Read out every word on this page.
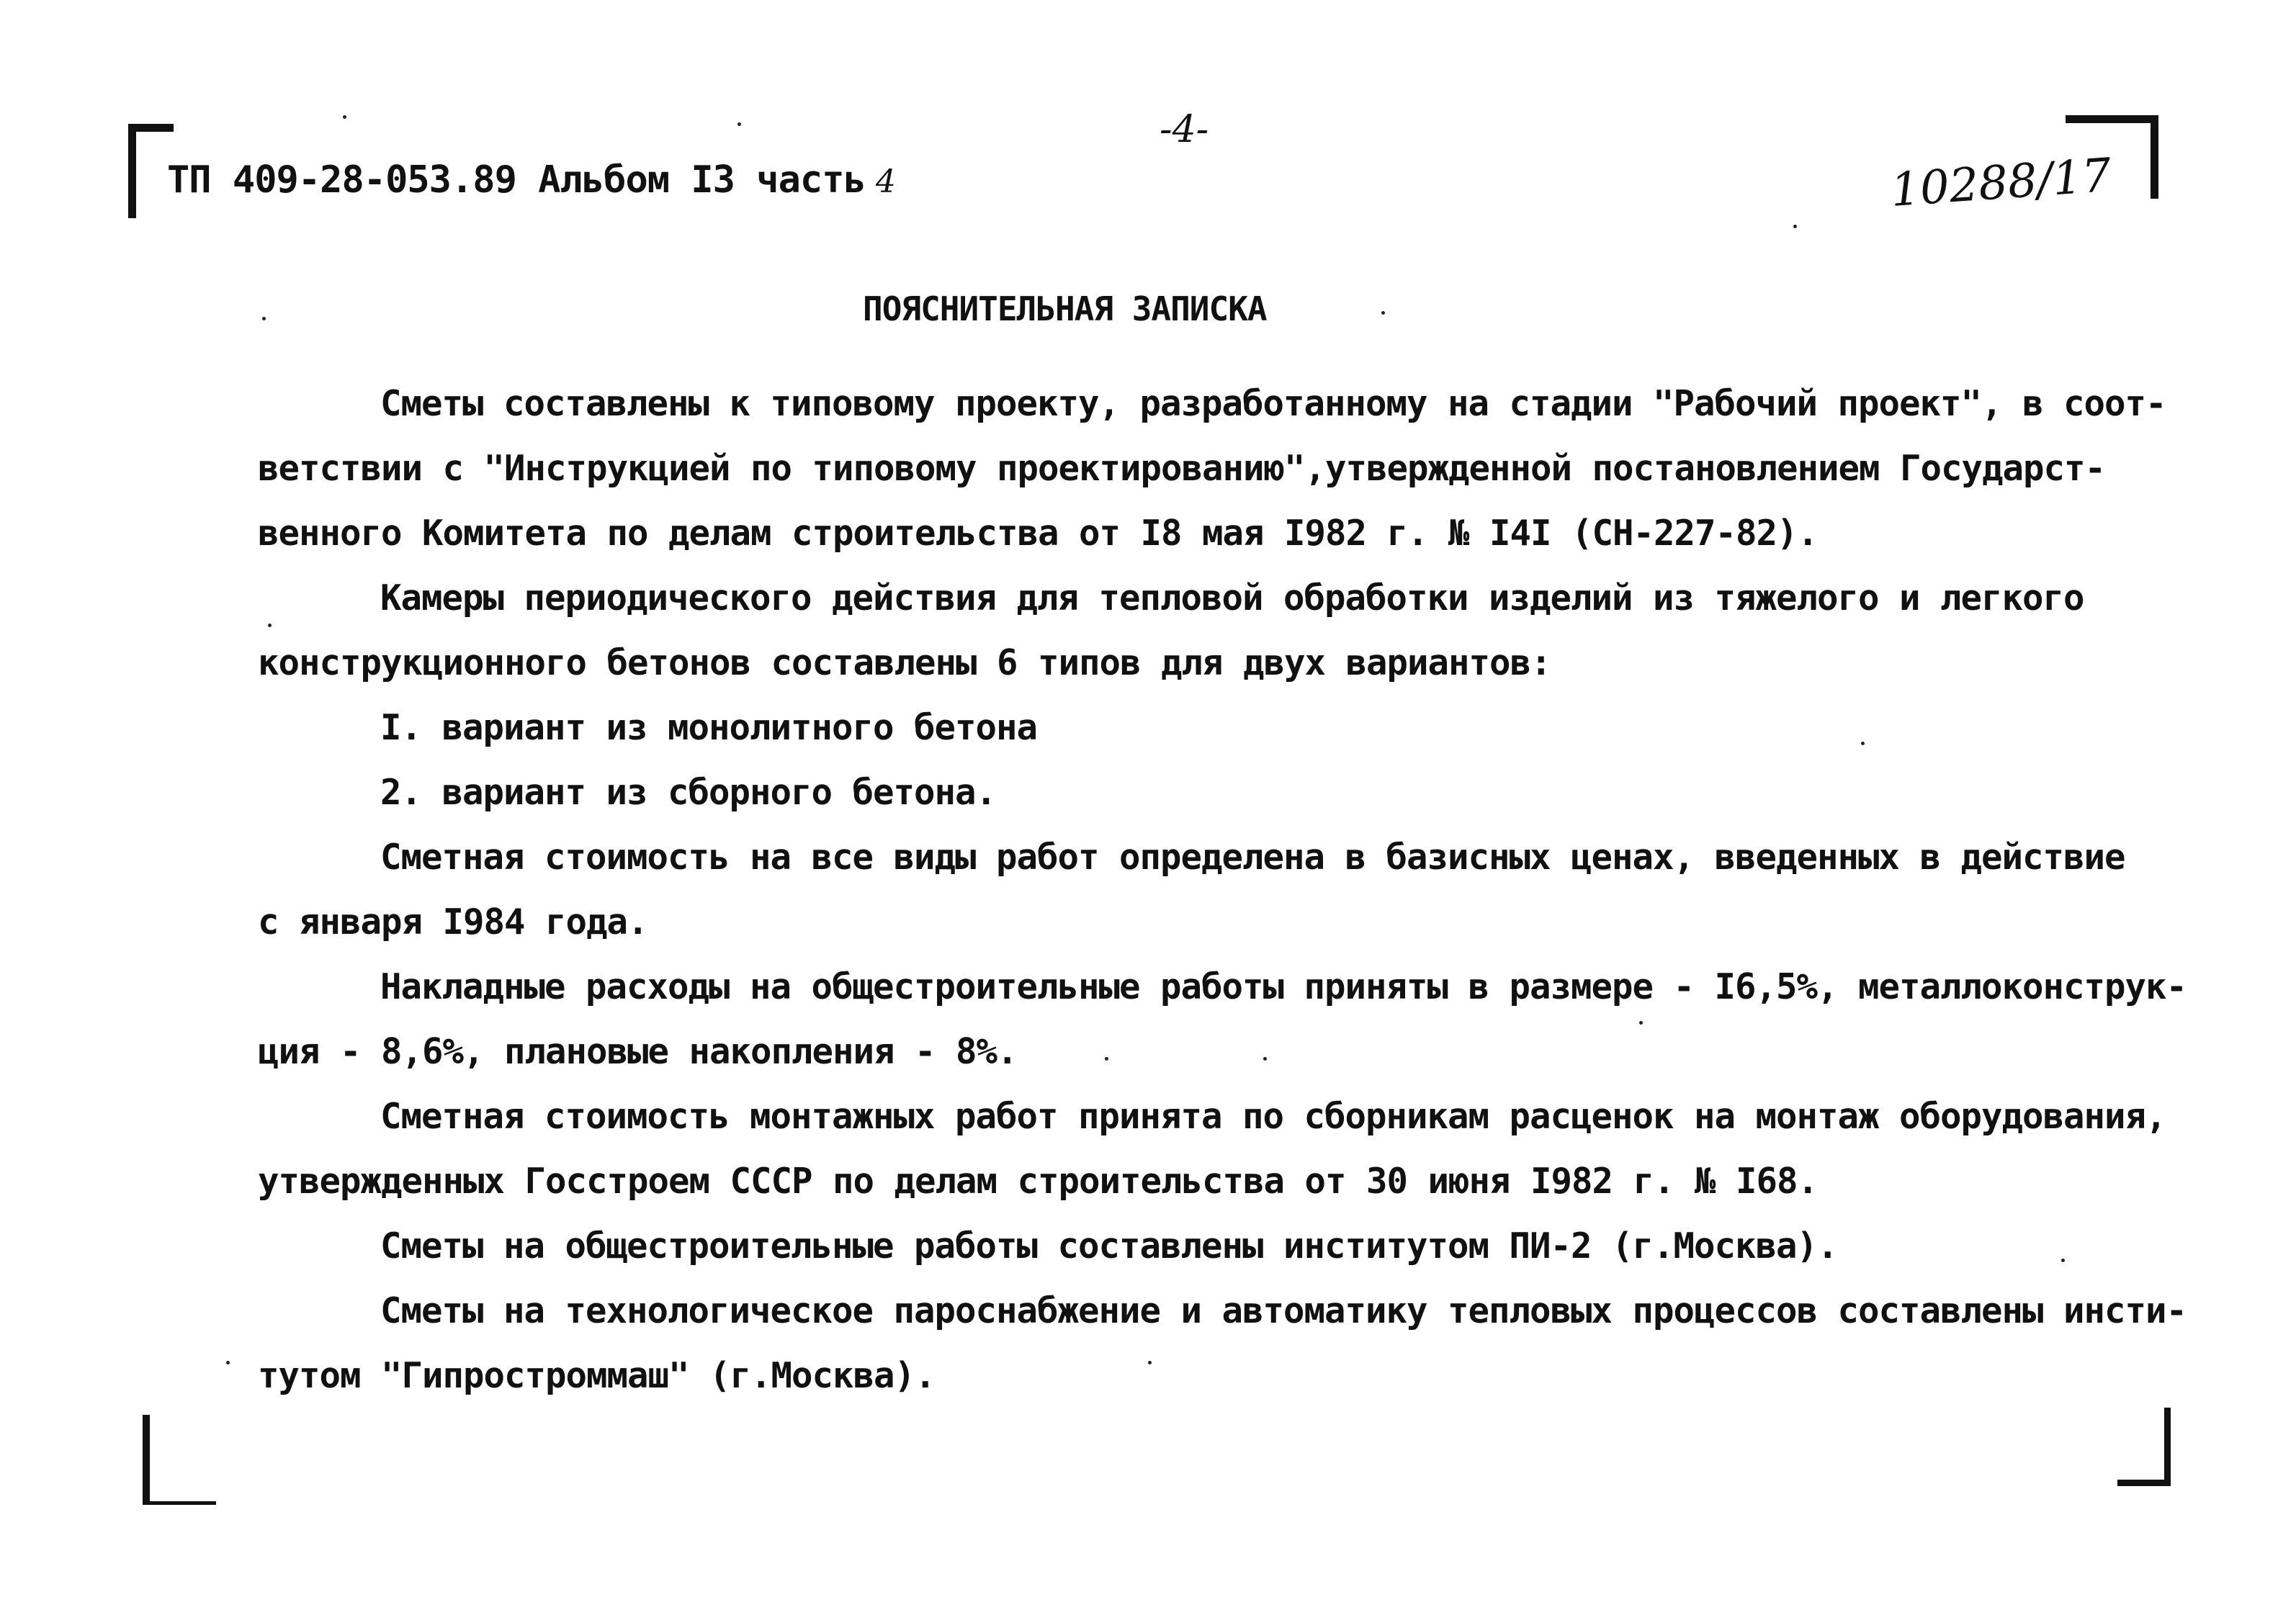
ТП 409-28-053.89 Альбом I3 часть 4
-4-
10288/17
ПОЯСНИТЕЛЬНАЯ ЗАПИСКА
Сметы составлены к типовому проекту, разработанному на стадии "Рабочий проект", в соот-
ветствии с "Инструкцией по типовому проектированию",утвержденной постановлением Государст-
венного Комитета по делам строительства от I8 мая I982 г. № I4I (СН-227-82).
Камеры периодического действия для тепловой обработки изделий из тяжелого и легкого
конструкционного бетонов составлены 6 типов для двух вариантов:
I. вариант из монолитного бетона
2. вариант из сборного бетона.
Сметная стоимость на все виды работ определена в базисных ценах, введенных в действие
с января I984 года.
Накладные расходы на общестроительные работы приняты в размере - I6,5%, металлоконструк-
ция - 8,6%, плановые накопления - 8%.
Сметная стоимость монтажных работ принята по сборникам расценок на монтаж оборудования,
утвержденных Госстроем СССР по делам строительства от 30 июня I982 г. № I68.
Сметы на общестроительные работы составлены институтом ПИ-2 (г.Москва).
Сметы на технологическое пароснабжение и автоматику тепловых процессов составлены инсти-
тутом "Гипростроммаш" (г.Москва).
